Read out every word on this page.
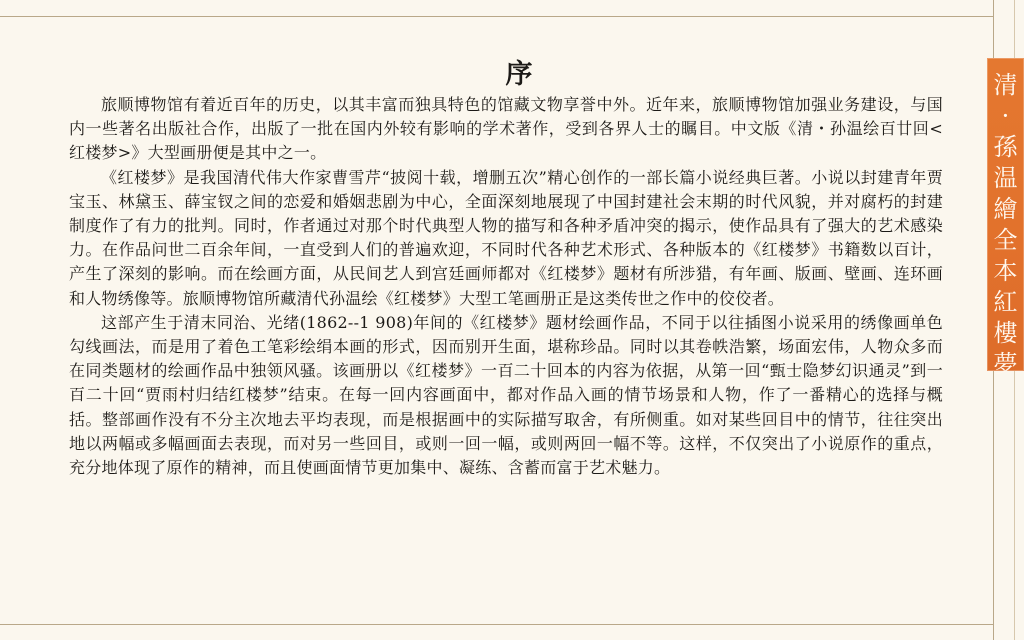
清
·
孫
温
繪
全
本
紅
樓
夢
序

旅顺博物馆有着近百年的历史，以其丰富而独具特色的馆藏文物享誉中外。近年来，旅顺博物馆加强业务建设，与国内一些著名出版社合作，出版了一批在国内外较有影响的学术著作，受到各界人士的瞩目。中文版《清・孙温绘百廿回<红楼梦>》大型画册便是其中之一。

《红楼梦》是我国清代伟大作家曹雪芹“披阅十载，增删五次”精心创作的一部长篇小说经典巨著。小说以封建青年贾宝玉、林黛玉、薛宝钗之间的恋爱和婚姻悲剧为中心，全面深刻地展现了中国封建社会末期的时代风貌，并对腐朽的封建制度作了有力的批判。同时，作者通过对那个时代典型人物的描写和各种矛盾冲突的揭示，使作品具有了强大的艺术感染力。在作品问世二百余年间，一直受到人们的普遍欢迎，不同时代各种艺术形式、各种版本的《红楼梦》书籍数以百计，产生了深刻的影响。而在绘画方面，从民间艺人到宫廷画师都对《红楼梦》题材有所涉猎，有年画、版画、壁画、连环画和人物绣像等。旅顺博物馆所藏清代孙温绘《红楼梦》大型工笔画册正是这类传世之作中的佼佼者。

这部产生于清末同治、光绪(1862--1 908)年间的《红楼梦》题材绘画作品，不同于以往插图小说采用的绣像画单色勾线画法，而是用了着色工笔彩绘绢本画的形式，因而别开生面，堪称珍品。同时以其卷帙浩繁，场面宏伟，人物众多而在同类题材的绘画作品中独领风骚。该画册以《红楼梦》一百二十回本的内容为依据，从第一回“甄士隐梦幻识通灵”到一百二十回“贾雨村归结红楼梦”结束。在每一回内容画面中，都对作品入画的情节场景和人物，作了一番精心的选择与概括。整部画作没有不分主次地去平均表现，而是根据画中的实际描写取舍，有所侧重。如对某些回目中的情节，往往突出地以两幅或多幅画面去表现，而对另一些回目，或则一回一幅，或则两回一幅不等。这样，不仅突出了小说原作的重点，充分地体现了原作的精神，而且使画面情节更加集中、凝练、含蓄而富于艺术魅力。
